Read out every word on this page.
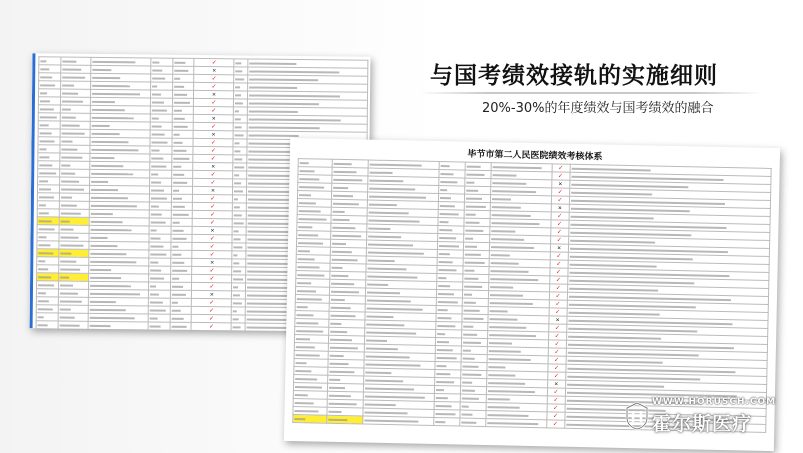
	✓	

	✕	

	✓	

	✓	

	✕	

	✓	

	✓	

	✕	

	✓	

	✕	

	✓	

	✓	

	✓	

	✕	

	✓	

	✓	

	✕	

	✓	

	✓	

	✓	

	✓	

	✕	

	✓	

	✓	

	✓	

	✕	

	✓	

	✓	

	✓	

	✕	

	✓	

	✓	

	✓	

	✓	

毕节市第二人民医院绩效考核体系

	✓	

	✓	

	✕	

	✓	

	✓	

	✕	

	✓	

	✓	

	✓	

	✓	

	✕	

	✓	

	✓	

	✓	

	✓	

	✓	

	✓	

	✓	

	✓	

	✕	

	✓	

	✓	

	✓	

	✓	

	✓	

	✓	

	✓	

	✕	

	✓	

	✓	

	✓	

	✓	

	✓	
与国考绩效接轨的实施细则
20%-30%的年度绩效与国考绩效的融合
WWW.HORUSCH.COM
霍尔斯医疗
